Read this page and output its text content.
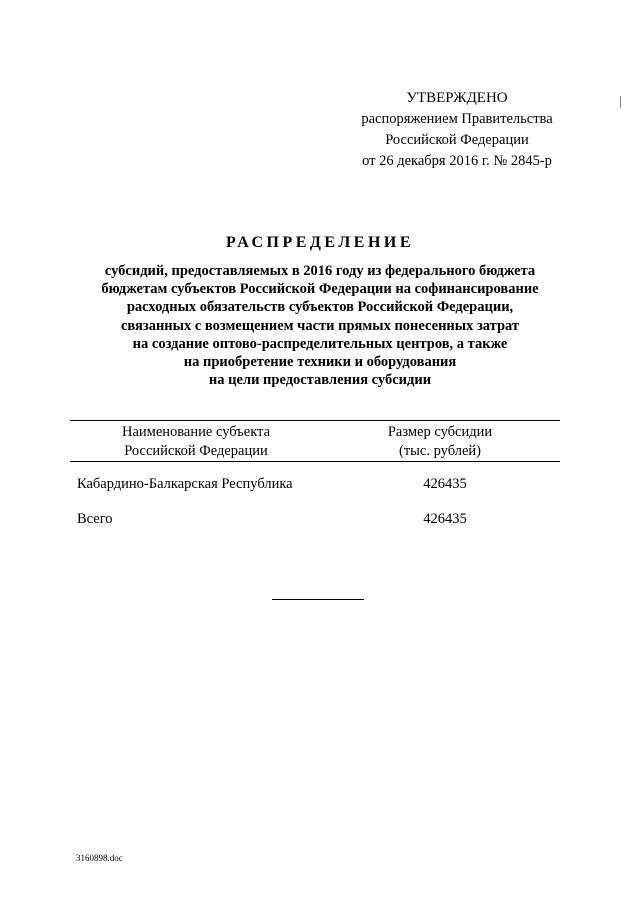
УТВЕРЖДЕНО
распоряжением Правительства
Российской Федерации
от 26 декабря 2016 г. № 2845-р
РАСПРЕДЕЛЕНИЕ
субсидий, предоставляемых в 2016 году из федерального бюджета
бюджетам субъектов Российской Федерации на софинансирование
расходных обязательств субъектов Российской Федерации,
связанных с возмещением части прямых понесенных затрат
на создание оптово-распределительных центров, а также
на приобретение техники и оборудования
на цели предоставления субсидии
Наименование субъекта
Российской Федерации
Размер субсидии
(тыс. рублей)
Кабардино-Балкарская Республика	426435
Всего	426435
3160898.doc
